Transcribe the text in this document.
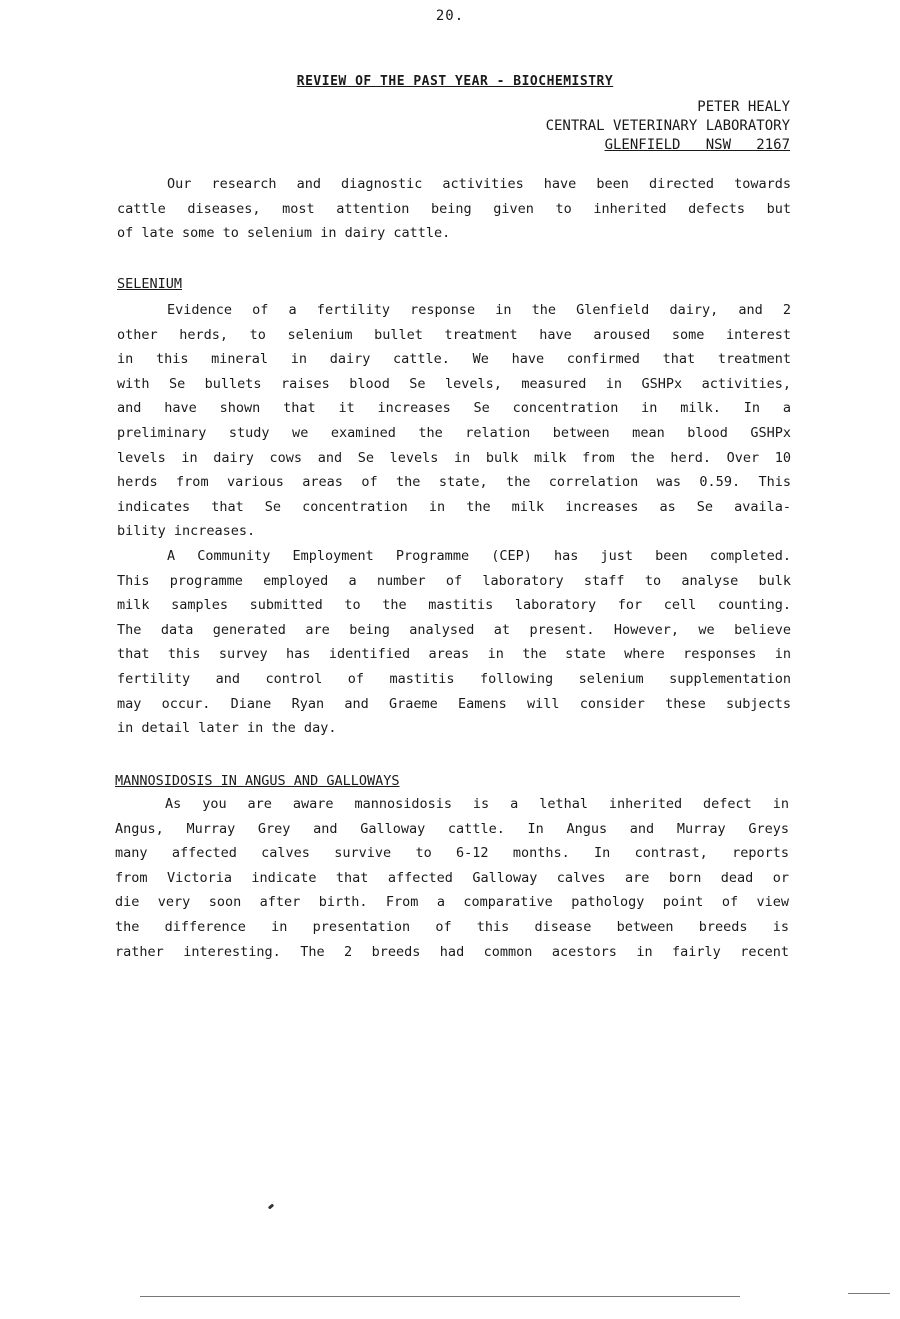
20.
REVIEW OF THE PAST YEAR - BIOCHEMISTRY
PETER HEALY
CENTRAL VETERINARY LABORATORY
GLENFIELD   NSW   2167
Our research and diagnostic activities have been directed towards
cattle diseases, most attention being given to inherited defects but
of late some to selenium in dairy cattle.
SELENIUM
Evidence of a fertility response in the Glenfield dairy, and 2
other herds, to selenium bullet treatment have aroused some interest
in this mineral in dairy cattle. We have confirmed that treatment
with Se bullets raises blood Se levels, measured in GSHPx activities,
and have shown that it increases Se concentration in milk. In a
preliminary study we examined the relation between mean blood GSHPx
levels in dairy cows and Se levels in bulk milk from the herd. Over 10
herds from various areas of the state, the correlation was 0.59. This
indicates that Se concentration in the milk increases as Se availa-
bility increases.
A Community Employment Programme (CEP) has just been completed.
This programme employed a number of laboratory staff to analyse bulk
milk samples submitted to the mastitis laboratory for cell counting.
The data generated are being analysed at present. However, we believe
that this survey has identified areas in the state where responses in
fertility and control of mastitis following selenium supplementation
may occur. Diane Ryan and Graeme Eamens will consider these subjects
in detail later in the day.
MANNOSIDOSIS IN ANGUS AND GALLOWAYS
As you are aware mannosidosis is a lethal inherited defect in
Angus, Murray Grey and Galloway cattle. In Angus and Murray Greys
many affected calves survive to 6-12 months. In contrast, reports
from Victoria indicate that affected Galloway calves are born dead or
die very soon after birth. From a comparative pathology point of view
the difference in presentation of this disease between breeds is
rather interesting. The 2 breeds had common acestors in fairly recent
